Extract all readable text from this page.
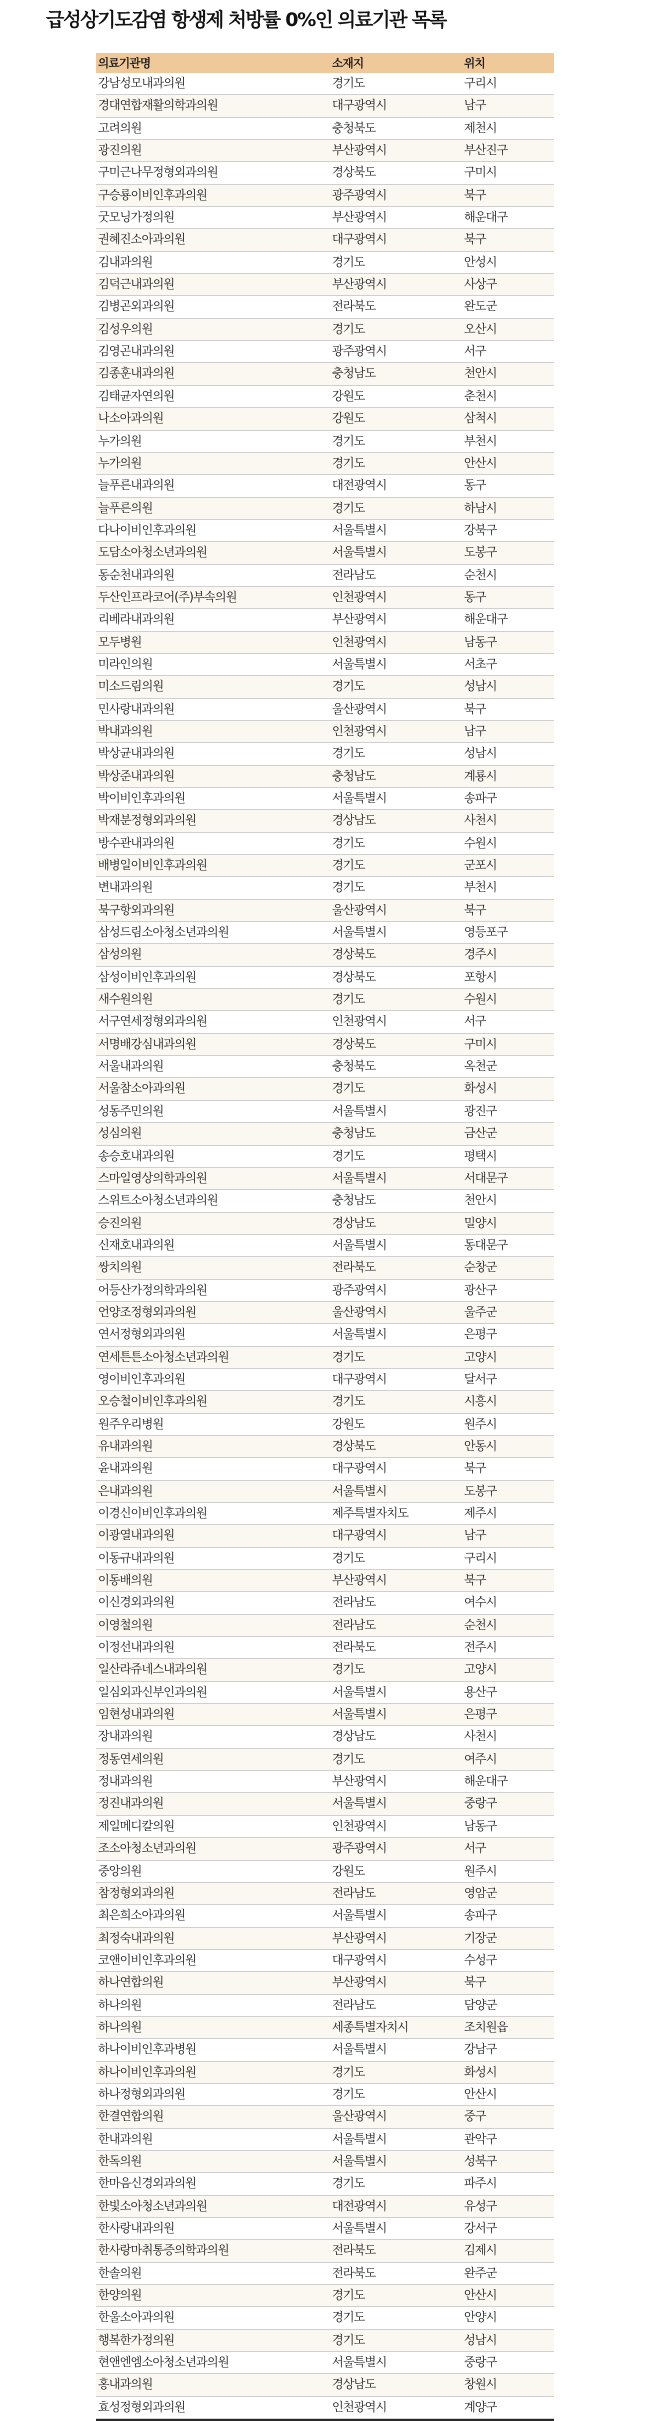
급성상기도감염 항생제 처방률 0%인 의료기관 목록
의료기관명	소재지	위치
강남성모내과의원	경기도	구리시
경대연합재활의학과의원	대구광역시	남구
고려의원	충청북도	제천시
광진의원	부산광역시	부산진구
구미근나무정형외과의원	경상북도	구미시
구승룡이비인후과의원	광주광역시	북구
굿모닝가정의원	부산광역시	해운대구
권혜진소아과의원	대구광역시	북구
김내과의원	경기도	안성시
김덕근내과의원	부산광역시	사상구
김병곤외과의원	전라북도	완도군
김성우의원	경기도	오산시
김영곤내과의원	광주광역시	서구
김종훈내과의원	충청남도	천안시
김태균자연의원	강원도	춘천시
나소아과의원	강원도	삼척시
누가의원	경기도	부천시
누가의원	경기도	안산시
늘푸른내과의원	대전광역시	동구
늘푸른의원	경기도	하남시
다나이비인후과의원	서울특별시	강북구
도담소아청소년과의원	서울특별시	도봉구
동순천내과의원	전라남도	순천시
두산인프라코어(주)부속의원	인천광역시	동구
리베라내과의원	부산광역시	해운대구
모두병원	인천광역시	남동구
미라인의원	서울특별시	서초구
미소드림의원	경기도	성남시
민사랑내과의원	울산광역시	북구
박내과의원	인천광역시	남구
박상균내과의원	경기도	성남시
박상준내과의원	충청남도	계룡시
박이비인후과의원	서울특별시	송파구
박재분정형외과의원	경상남도	사천시
방수관내과의원	경기도	수원시
배병일이비인후과의원	경기도	군포시
변내과의원	경기도	부천시
북구항외과의원	울산광역시	북구
삼성드림소아청소년과의원	서울특별시	영등포구
삼성의원	경상북도	경주시
삼성이비인후과의원	경상북도	포항시
새수원의원	경기도	수원시
서구연세정형외과의원	인천광역시	서구
서명배강심내과의원	경상북도	구미시
서울내과의원	충청북도	옥천군
서울참소아과의원	경기도	화성시
성동주민의원	서울특별시	광진구
성심의원	충청남도	금산군
송승호내과의원	경기도	평택시
스마일영상의학과의원	서울특별시	서대문구
스위트소아청소년과의원	충청남도	천안시
승진의원	경상남도	밀양시
신재호내과의원	서울특별시	동대문구
쌍치의원	전라북도	순창군
어등산가정의학과의원	광주광역시	광산구
언양조정형외과의원	울산광역시	울주군
연서정형외과의원	서울특별시	은평구
연세튼튼소아청소년과의원	경기도	고양시
영이비인후과의원	대구광역시	달서구
오승철이비인후과의원	경기도	시흥시
원주우리병원	강원도	원주시
유내과의원	경상북도	안동시
윤내과의원	대구광역시	북구
은내과의원	서울특별시	도봉구
이경신이비인후과의원	제주특별자치도	제주시
이광열내과의원	대구광역시	남구
이동규내과의원	경기도	구리시
이동배의원	부산광역시	북구
이신경외과의원	전라남도	여수시
이영철의원	전라남도	순천시
이정선내과의원	전라북도	전주시
일산라쥬네스내과의원	경기도	고양시
일심외과신부인과의원	서울특별시	용산구
임현성내과의원	서울특별시	은평구
장내과의원	경상남도	사천시
정동연세의원	경기도	여주시
정내과의원	부산광역시	해운대구
정진내과의원	서울특별시	중랑구
제일메디칼의원	인천광역시	남동구
조소아청소년과의원	광주광역시	서구
중앙의원	강원도	원주시
참정형외과의원	전라남도	영암군
최은희소아과의원	서울특별시	송파구
최정숙내과의원	부산광역시	기장군
코앤이비인후과의원	대구광역시	수성구
하나연합의원	부산광역시	북구
하나의원	전라남도	담양군
하나의원	세종특별자치시	조치원읍
하나이비인후과병원	서울특별시	강남구
하나이비인후과의원	경기도	화성시
하나정형외과의원	경기도	안산시
한결연합의원	울산광역시	중구
한내과의원	서울특별시	관악구
한독의원	서울특별시	성북구
한마음신경외과의원	경기도	파주시
한빛소아청소년과의원	대전광역시	유성구
한사랑내과의원	서울특별시	강서구
한사랑마취통증의학과의원	전라북도	김제시
한솔의원	전라북도	완주군
한양의원	경기도	안산시
한울소아과의원	경기도	안양시
행복한가정의원	경기도	성남시
현앤엔엠소아청소년과의원	서울특별시	중랑구
홍내과의원	경상남도	창원시
효성정형외과의원	인천광역시	계양구
